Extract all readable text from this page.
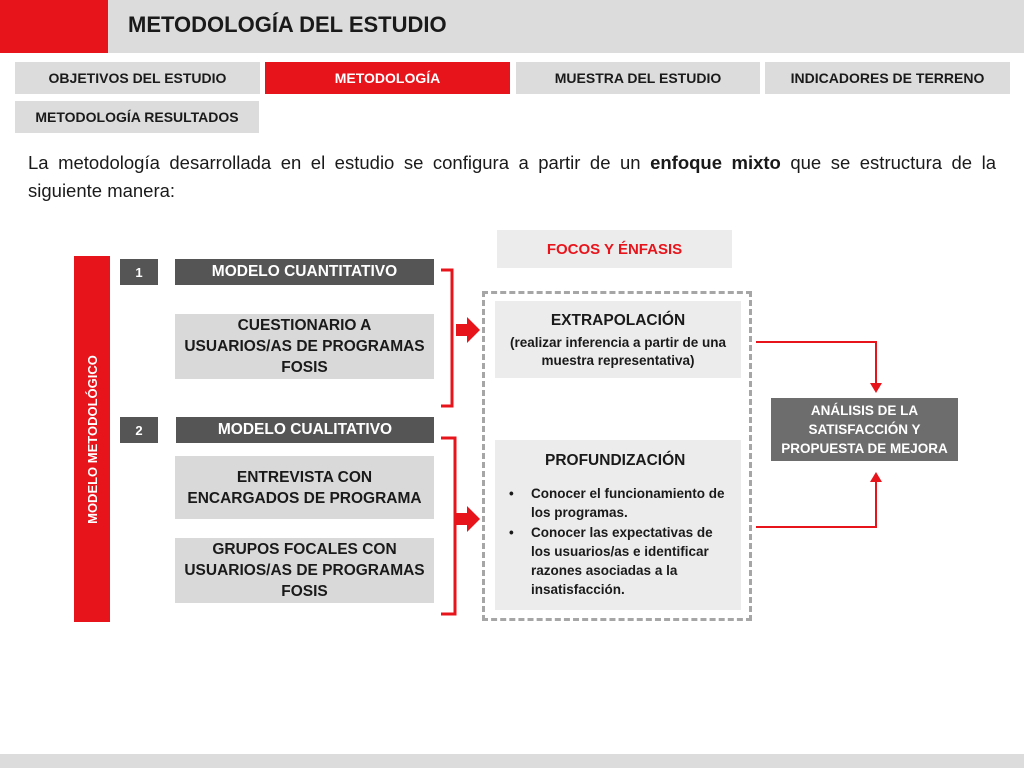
METODOLOGÍA DEL ESTUDIO
OBJETIVOS DEL ESTUDIO	METODOLOGÍA	MUESTRA DEL ESTUDIO	INDICADORES DE TERRENO
METODOLOGÍA RESULTADOS

La metodología desarrollada en el estudio se configura a partir de un enfoque mixto que se estructura de la siguiente manera:

MODELO METODOLÓGICO
1	MODELO CUANTITATIVO
CUESTIONARIO A USUARIOS/AS DE PROGRAMAS FOSIS
2	MODELO CUALITATIVO
ENTREVISTA CON ENCARGADOS DE PROGRAMA
GRUPOS FOCALES CON USUARIOS/AS DE PROGRAMAS FOSIS
FOCOS Y ÉNFASIS
EXTRAPOLACIÓN
(realizar inferencia a partir de una muestra representativa)
PROFUNDIZACIÓN
• Conocer el funcionamiento de los programas.
• Conocer las expectativas de los usuarios/as e identificar razones asociadas a la insatisfacción.
ANÁLISIS DE LA SATISFACCIÓN Y PROPUESTA DE MEJORA
